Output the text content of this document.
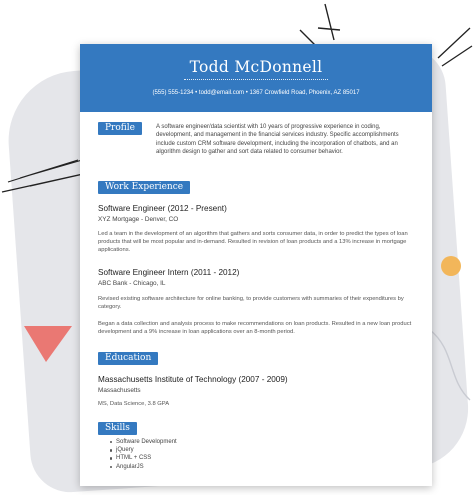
Todd McDonnell
(555) 555-1234 • todd@email.com • 1367 Crowfield Road, Phoenix, AZ 85017
Profile	A software engineer/data scientist with 10 years of progressive experience in coding, development, and management in the financial services industry. Specific accomplishments include custom CRM software development, including the incorporation of chatbots, and an algorithm design to gather and sort data related to consumer behavior.
Work Experience
Software Engineer (2012 - Present)
XYZ Mortgage - Denver, CO
Led a team in the development of an algorithm that gathers and sorts consumer data, in order to predict the types of loan products that will be most popular and in-demand. Resulted in revision of loan products and a 13% increase in mortgage applications.
Software Engineer Intern (2011 - 2012)
ABC Bank - Chicago, IL
Revised existing software architecture for online banking, to provide customers with summaries of their expenditures by category.
Began a data collection and analysis process to make recommendations on loan products. Resulted in a new loan product development and a 9% increase in loan applications over an 8-month period.
Education
Massachusetts Institute of Technology (2007 - 2009)
Massachusetts
MS, Data Science, 3.8 GPA
Skills
Software Development
jQuery
HTML + CSS
AngularJS
